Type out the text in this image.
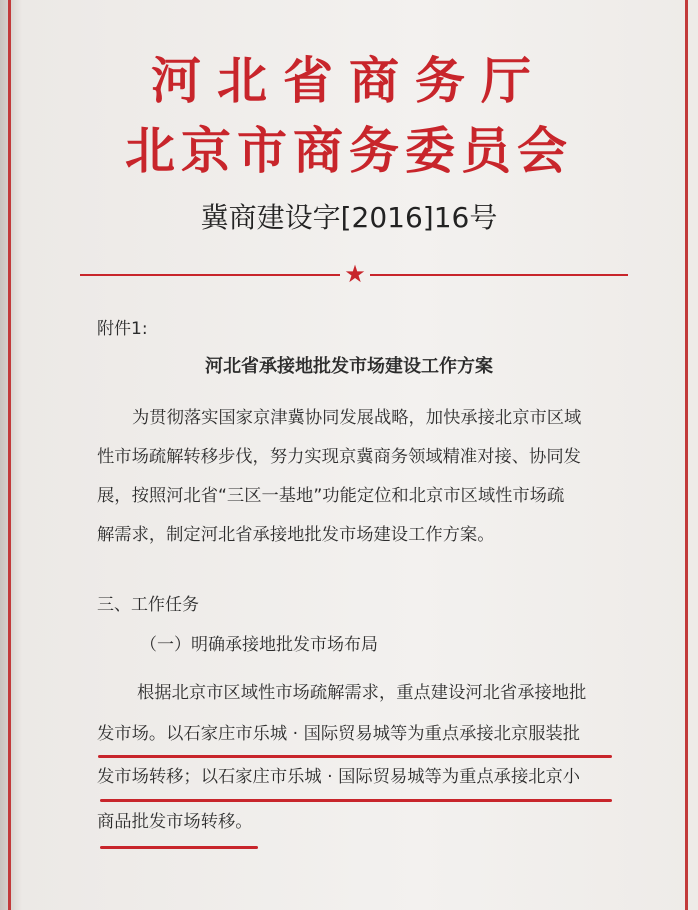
河北省商务厅
北京市商务委员会
冀商建设字[2016]16号
★
附件1:
河北省承接地批发市场建设工作方案
为贯彻落实国家京津冀协同发展战略，加快承接北京市区域
性市场疏解转移步伐，努力实现京冀商务领域精准对接、协同发
展，按照河北省“三区一基地”功能定位和北京市区域性市场疏
解需求，制定河北省承接地批发市场建设工作方案。
三、工作任务
（一）明确承接地批发市场布局
根据北京市区域性市场疏解需求，重点建设河北省承接地批
发市场。以石家庄市乐城 · 国际贸易城等为重点承接北京服装批
发市场转移；以石家庄市乐城 · 国际贸易城等为重点承接北京小
商品批发市场转移。
